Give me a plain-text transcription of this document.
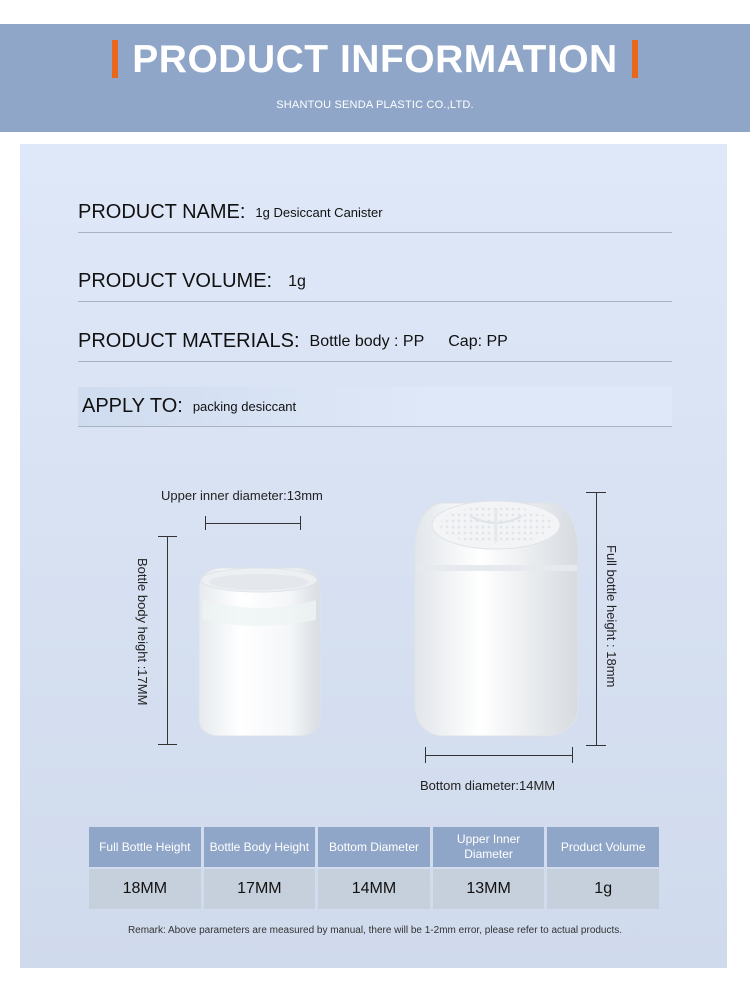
PRODUCT INFORMATION
SHANTOU SENDA PLASTIC CO.,LTD.
PRODUCT NAME: 1g Desiccant Canister
PRODUCT VOLUME: 1g
PRODUCT MATERIALS: Bottle body : PP Cap: PP
APPLY TO: packing desiccant
Upper inner diameter:13mm
Bottle body height :17MM	Full bottle height : 18mm
Bottom diameter:14MM
Full Bottle Height	Bottle Body Height	Bottom Diameter	Upper Inner Diameter	Product Volume
18MM	17MM	14MM	13MM	1g
Remark: Above parameters are measured by manual, there will be 1-2mm error, please refer to actual products.
